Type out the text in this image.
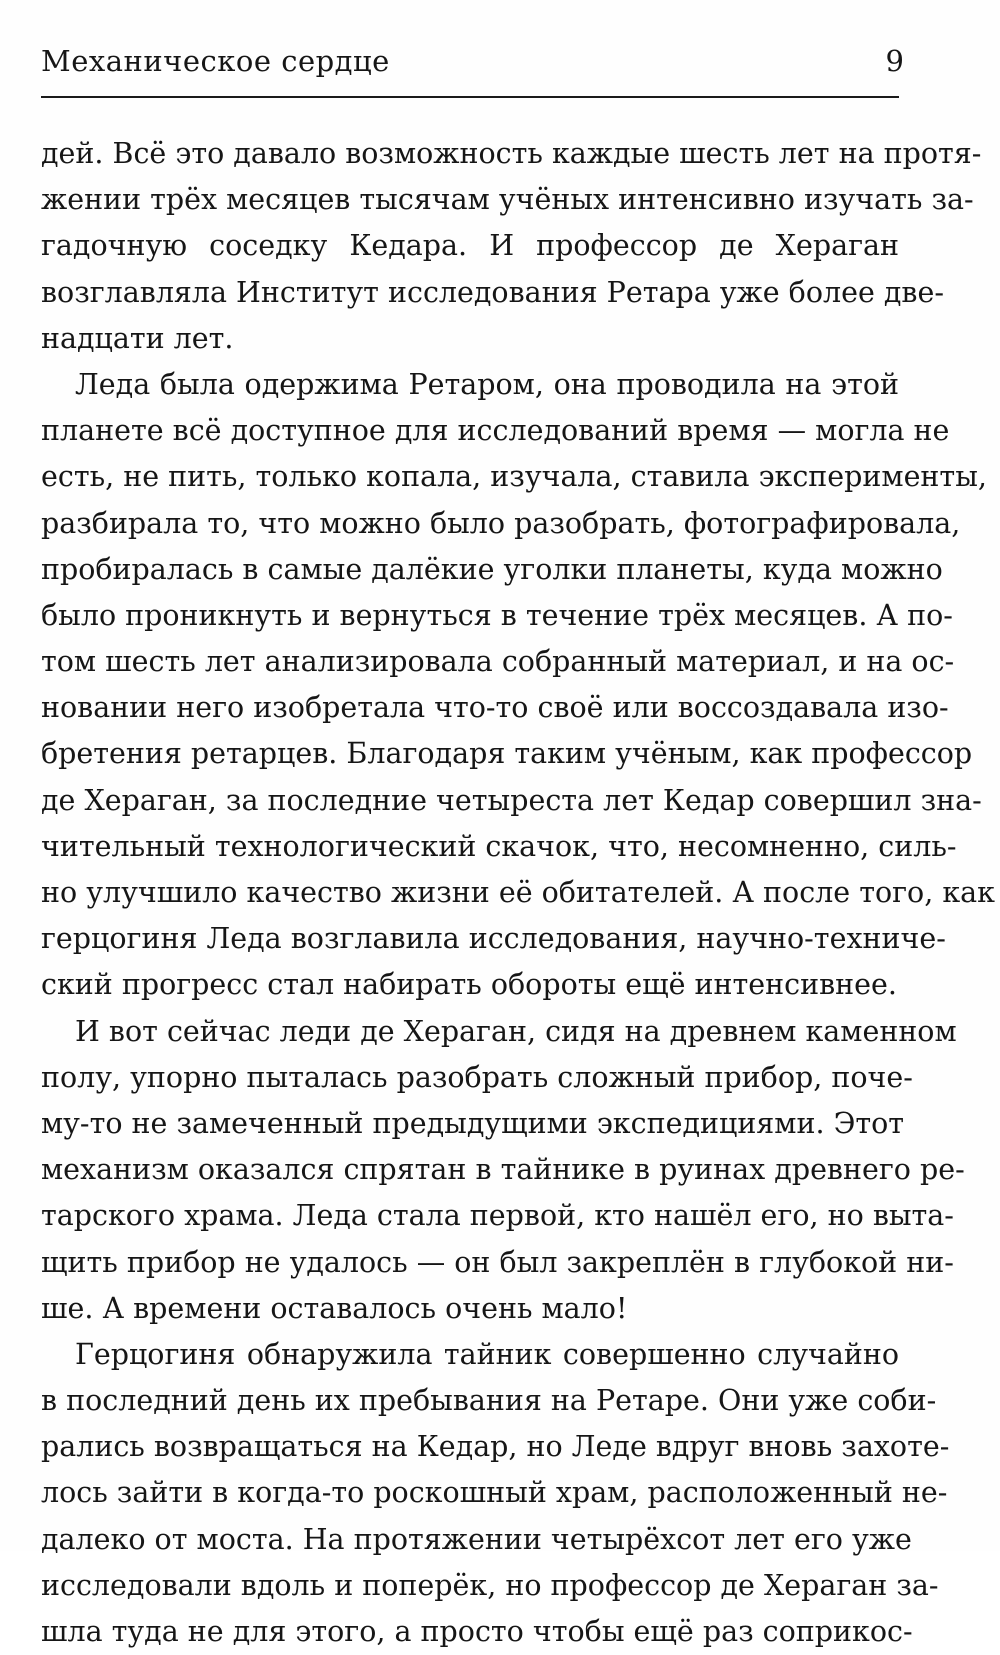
Механическое сердце	9
дей. Всё это давало возможность каждые шесть лет на протя-
жении трёх месяцев тысячам учёных интенсивно изучать за-
гадочную соседку Кедара. И профессор де Хераган
возглавляла Институт исследования Ретара уже более две-
надцати лет.
Леда была одержима Ретаром, она проводила на этой
планете всё доступное для исследований время — могла не
есть, не пить, только копала, изучала, ставила эксперименты,
разбирала то, что можно было разобрать, фотографировала,
пробиралась в самые далёкие уголки планеты, куда можно
было проникнуть и вернуться в течение трёх месяцев. А по-
том шесть лет анализировала собранный материал, и на ос-
новании него изобретала что-то своё или воссоздавала изо-
бретения ретарцев. Благодаря таким учёным, как профессор
де Хераган, за последние четыреста лет Кедар совершил зна-
чительный технологический скачок, что, несомненно, силь-
но улучшило качество жизни её обитателей. А после того, как
герцогиня Леда возглавила исследования, научно-техниче-
ский прогресс стал набирать обороты ещё интенсивнее.
И вот сейчас леди де Хераган, сидя на древнем каменном
полу, упорно пыталась разобрать сложный прибор, поче-
му-то не замеченный предыдущими экспедициями. Этот
механизм оказался спрятан в тайнике в руинах древнего ре-
тарского храма. Леда стала первой, кто нашёл его, но выта-
щить прибор не удалось — он был закреплён в глубокой ни-
ше. А времени оставалось очень мало!
Герцогиня обнаружила тайник совершенно случайно
в последний день их пребывания на Ретаре. Они уже соби-
рались возвращаться на Кедар, но Леде вдруг вновь захоте-
лось зайти в когда-то роскошный храм, расположенный не-
далеко от моста. На протяжении четырёхсот лет его уже
исследовали вдоль и поперёк, но профессор де Хераган за-
шла туда не для этого, а просто чтобы ещё раз соприкос-
